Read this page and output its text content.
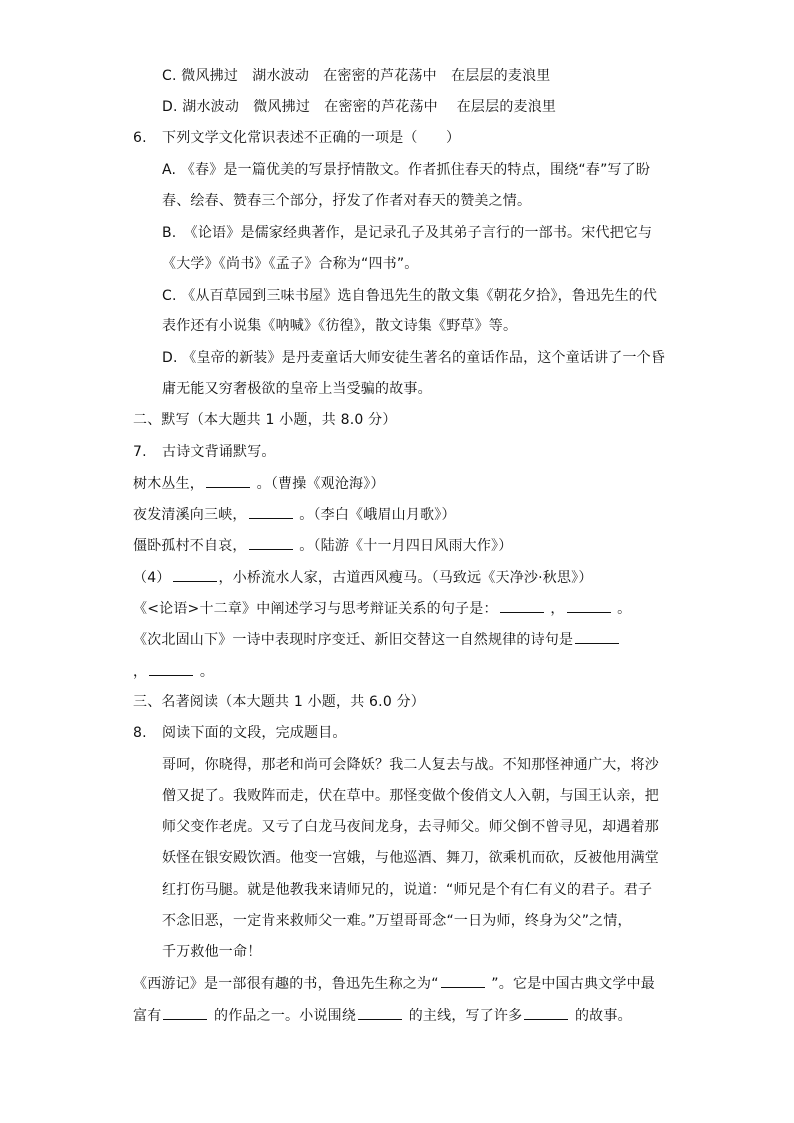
C. 微风拂过　湖水波动　在密密的芦花荡中　在层层的麦浪里
D. 湖水波动　微风拂过　在密密的芦花荡中　 在层层的麦浪里
6. 下列文学文化常识表述不正确的一项是（　　）
A. 《春》是一篇优美的写景抒情散文。作者抓住春天的特点，围绕“春”写了盼
春、绘春、赞春三个部分，抒发了作者对春天的赞美之情。
B.　《论语》是儒家经典著作，是记录孔子及其弟子言行的一部书。宋代把它与
《大学》《尚书》《孟子》合称为“四书”。
C. 《从百草园到三味书屋》选自鲁迅先生的散文集《朝花夕拾》，鲁迅先生的代
表作还有小说集《呐喊》《彷徨》，散文诗集《野草》等。
D. 《皇帝的新装》是丹麦童话大师安徒生著名的童话作品，这个童话讲了一个昏
庸无能又穷奢极欲的皇帝上当受骗的故事。
二、默写（本大题共 1 小题，共 8.0 分）
7. 古诗文背诵默写。
树木丛生，	。（曹操《观沧海》）
夜发清溪向三峡，	。（李白《峨眉山月歌》）
僵卧孤村不自哀，	。（陆游《十一月四日风雨大作》）
（4）	，小桥流水人家，古道西风瘦马。（马致远《天净沙·秋思》）
《<论语>十二章》中阐述学习与思考辩证关系的句子是：	，	。
《次北固山下》一诗中表现时序变迁、新旧交替这一自然规律的诗句是
，	。
三、名著阅读（本大题共 1 小题，共 6.0 分）
8. 阅读下面的文段，完成题目。
哥呵，你晓得，那老和尚可会降妖？我二人复去与战。不知那怪神通广大，将沙
僧又捉了。我败阵而走，伏在草中。那怪变做个俊俏文人入朝，与国王认亲，把
师父变作老虎。又亏了白龙马夜间龙身，去寻师父。师父倒不曾寻见，却遇着那
妖怪在银安殿饮酒。他变一宫娥，与他巡酒、舞刀，欲乘机而砍，反被他用满堂
红打伤马腿。就是他教我来请师兄的，说道：“师兄是个有仁有义的君子。君子
不念旧恶，一定肯来救师父一难。”万望哥哥念“一日为师，终身为父”之情，
千万救他一命！
《西游记》是一部很有趣的书，鲁迅先生称之为“	”。它是中国古典文学中最
富有	的作品之一。小说围绕	的主线，写了许多	的故事。
